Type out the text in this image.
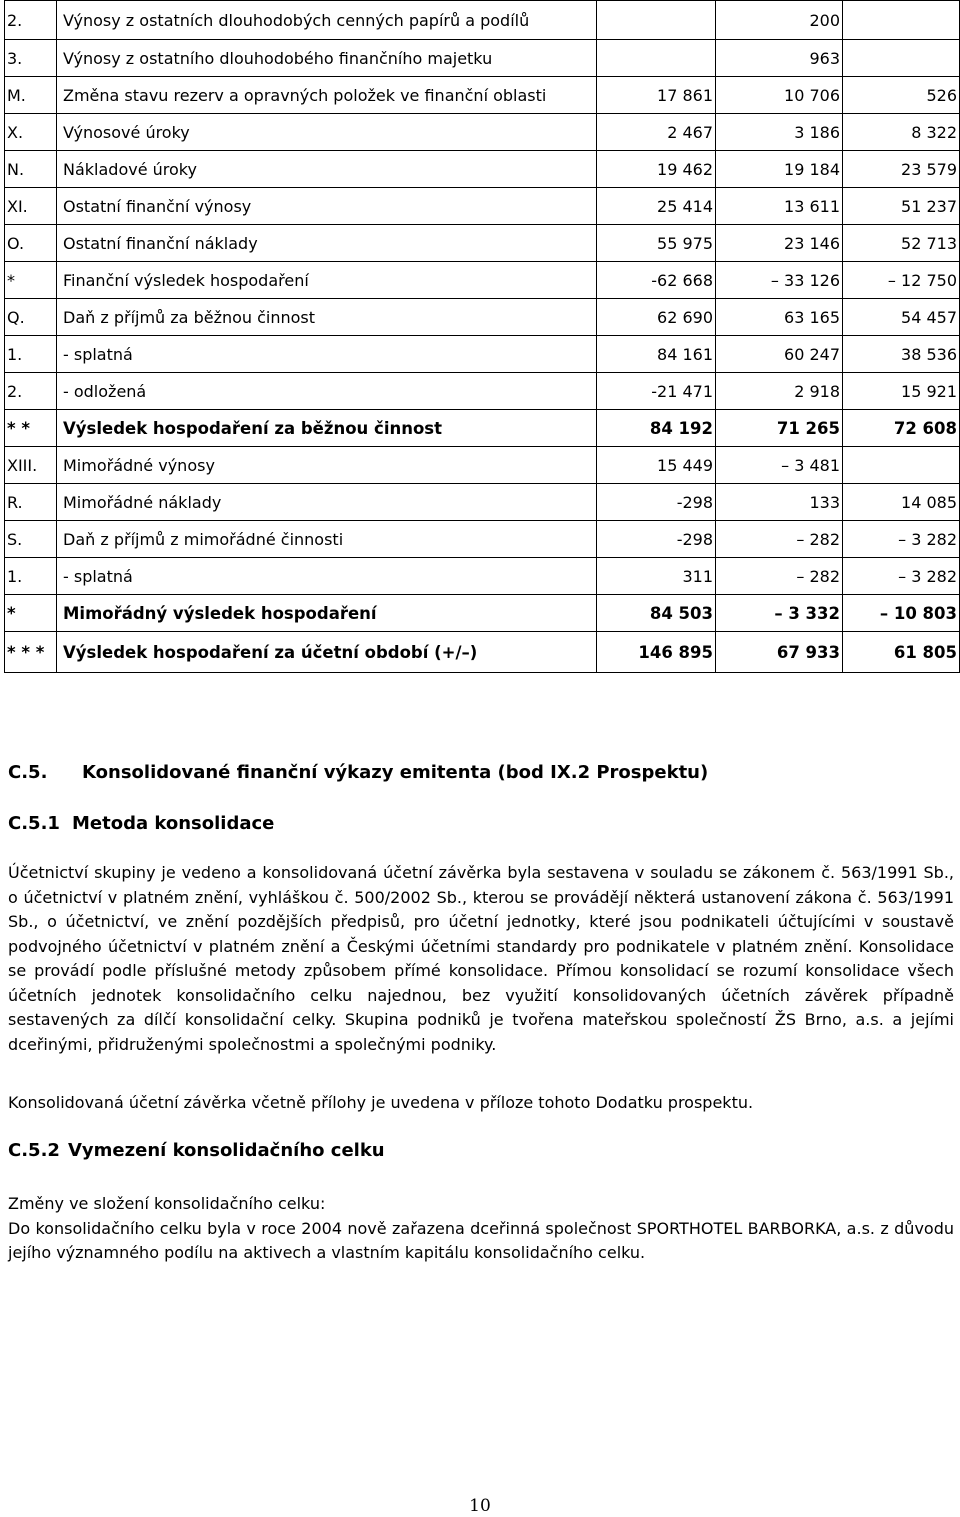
2.	Výnosy z ostatních dlouhodobých cenných papírů a podílů		200	
3.	Výnosy z ostatního dlouhodobého finančního majetku		963	
M.	Změna stavu rezerv a opravných položek ve finanční oblasti	17 861	10 706	526
X.	Výnosové úroky	2 467	3 186	8 322
N.	Nákladové úroky	19 462	19 184	23 579
XI.	Ostatní finanční výnosy	25 414	13 611	51 237
O.	Ostatní finanční náklady	55 975	23 146	52 713
*	Finanční výsledek hospodaření	-62 668	– 33 126	– 12 750
Q.	Daň z příjmů za běžnou činnost	62 690	63 165	54 457
1.	- splatná	84 161	60 247	38 536
2.	- odložená	-21 471	2 918	15 921
* *	Výsledek hospodaření za běžnou činnost	84 192	71 265	72 608
XIII.	Mimořádné výnosy	15 449	– 3 481	
R.	Mimořádné náklady	-298	133	14 085
S.	Daň z příjmů z mimořádné činnosti	-298	– 282	– 3 282
1.	- splatná	311	– 282	– 3 282
*	Mimořádný výsledek hospodaření	84 503	– 3 332	– 10 803
* * *	Výsledek hospodaření za účetní období (+/–)	146 895	67 933	61 805
C.5. Konsolidované finanční výkazy emitenta (bod IX.2 Prospektu)
C.5.1 Metoda konsolidace

Účetnictví skupiny je vedeno a konsolidovaná účetní závěrka byla sestavena v souladu se zákonem č. 563/1991 Sb., o účetnictví v platném znění, vyhláškou č. 500/2002 Sb., kterou se provádějí některá ustanovení zákona č. 563/1991 Sb., o účetnictví, ve znění pozdějších předpisů, pro účetní jednotky, které jsou podnikateli účtujícími v soustavě podvojného účetnictví v platném znění a Českými účetními standardy pro podnikatele v platném znění. Konsolidace se provádí podle příslušné metody způsobem přímé konsolidace. Přímou konsolidací se rozumí konsolidace všech účetních jednotek konsolidačního celku najednou, bez využití konsolidovaných účetních závěrek případně sestavených za dílčí konsolidační celky. Skupina podniků je tvořena mateřskou společností ŽS Brno, a.s. a jejími dceřinými, přidruženými společnostmi a společnými podniky.

Konsolidovaná účetní závěrka včetně přílohy je uvedena v příloze tohoto Dodatku prospektu.

C.5.2 Vymezení konsolidačního celku

Změny ve složení konsolidačního celku:

Do konsolidačního celku byla v roce 2004 nově zařazena dceřinná společnost SPORTHOTEL BARBORKA, a.s. z důvodu jejího významného podílu na aktivech a vlastním kapitálu konsolidačního celku.

10
